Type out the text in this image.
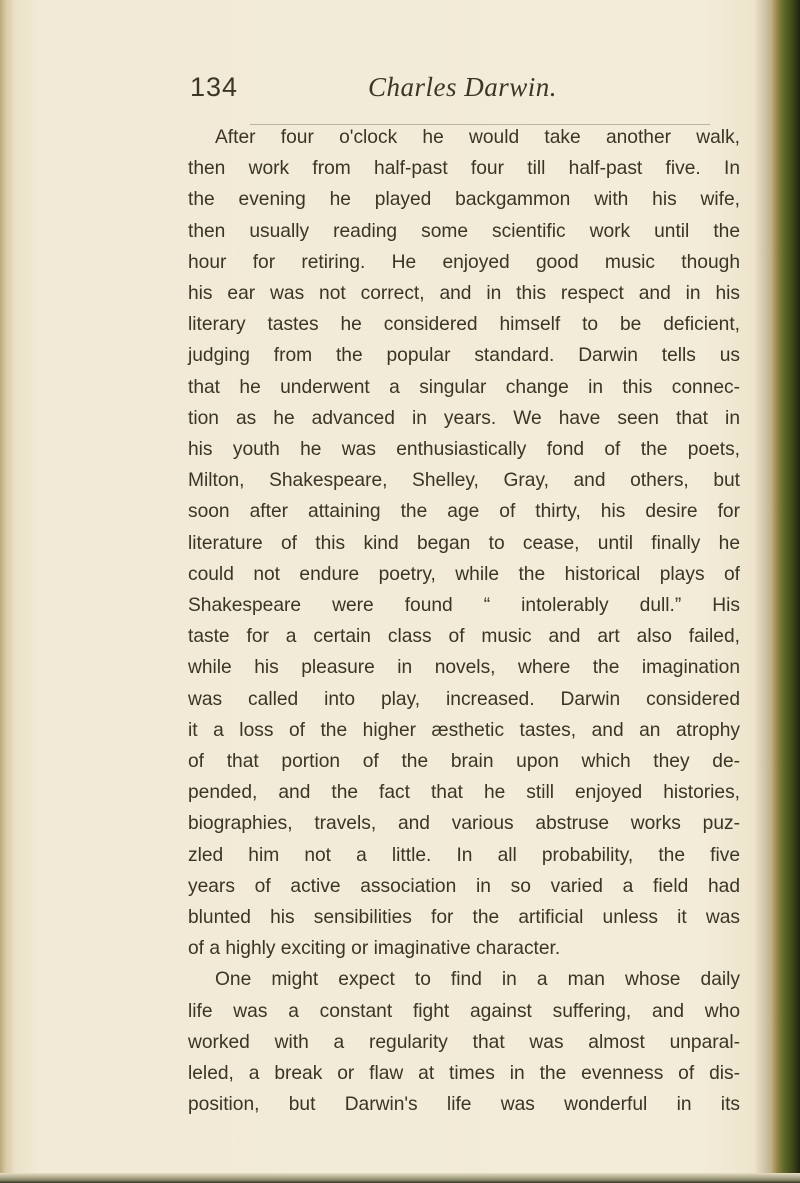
134	Charles Darwin.
After four o'clock he would take another walk,
then work from half-past four till half-past five. In
the evening he played backgammon with his wife,
then usually reading some scientific work until the
hour for retiring. He enjoyed good music though
his ear was not correct, and in this respect and in his
literary tastes he considered himself to be deficient,
judging from the popular standard. Darwin tells us
that he underwent a singular change in this connec-
tion as he advanced in years. We have seen that in
his youth he was enthusiastically fond of the poets,
Milton, Shakespeare, Shelley, Gray, and others, but
soon after attaining the age of thirty, his desire for
literature of this kind began to cease, until finally he
could not endure poetry, while the historical plays of
Shakespeare were found “ intolerably dull.” His
taste for a certain class of music and art also failed,
while his pleasure in novels, where the imagination
was called into play, increased. Darwin considered
it a loss of the higher æsthetic tastes, and an atrophy
of that portion of the brain upon which they de-
pended, and the fact that he still enjoyed histories,
biographies, travels, and various abstruse works puz-
zled him not a little. In all probability, the five
years of active association in so varied a field had
blunted his sensibilities for the artificial unless it was
of a highly exciting or imaginative character.
One might expect to find in a man whose daily
life was a constant fight against suffering, and who
worked with a regularity that was almost unparal-
leled, a break or flaw at times in the evenness of dis-
position, but Darwin's life was wonderful in its
